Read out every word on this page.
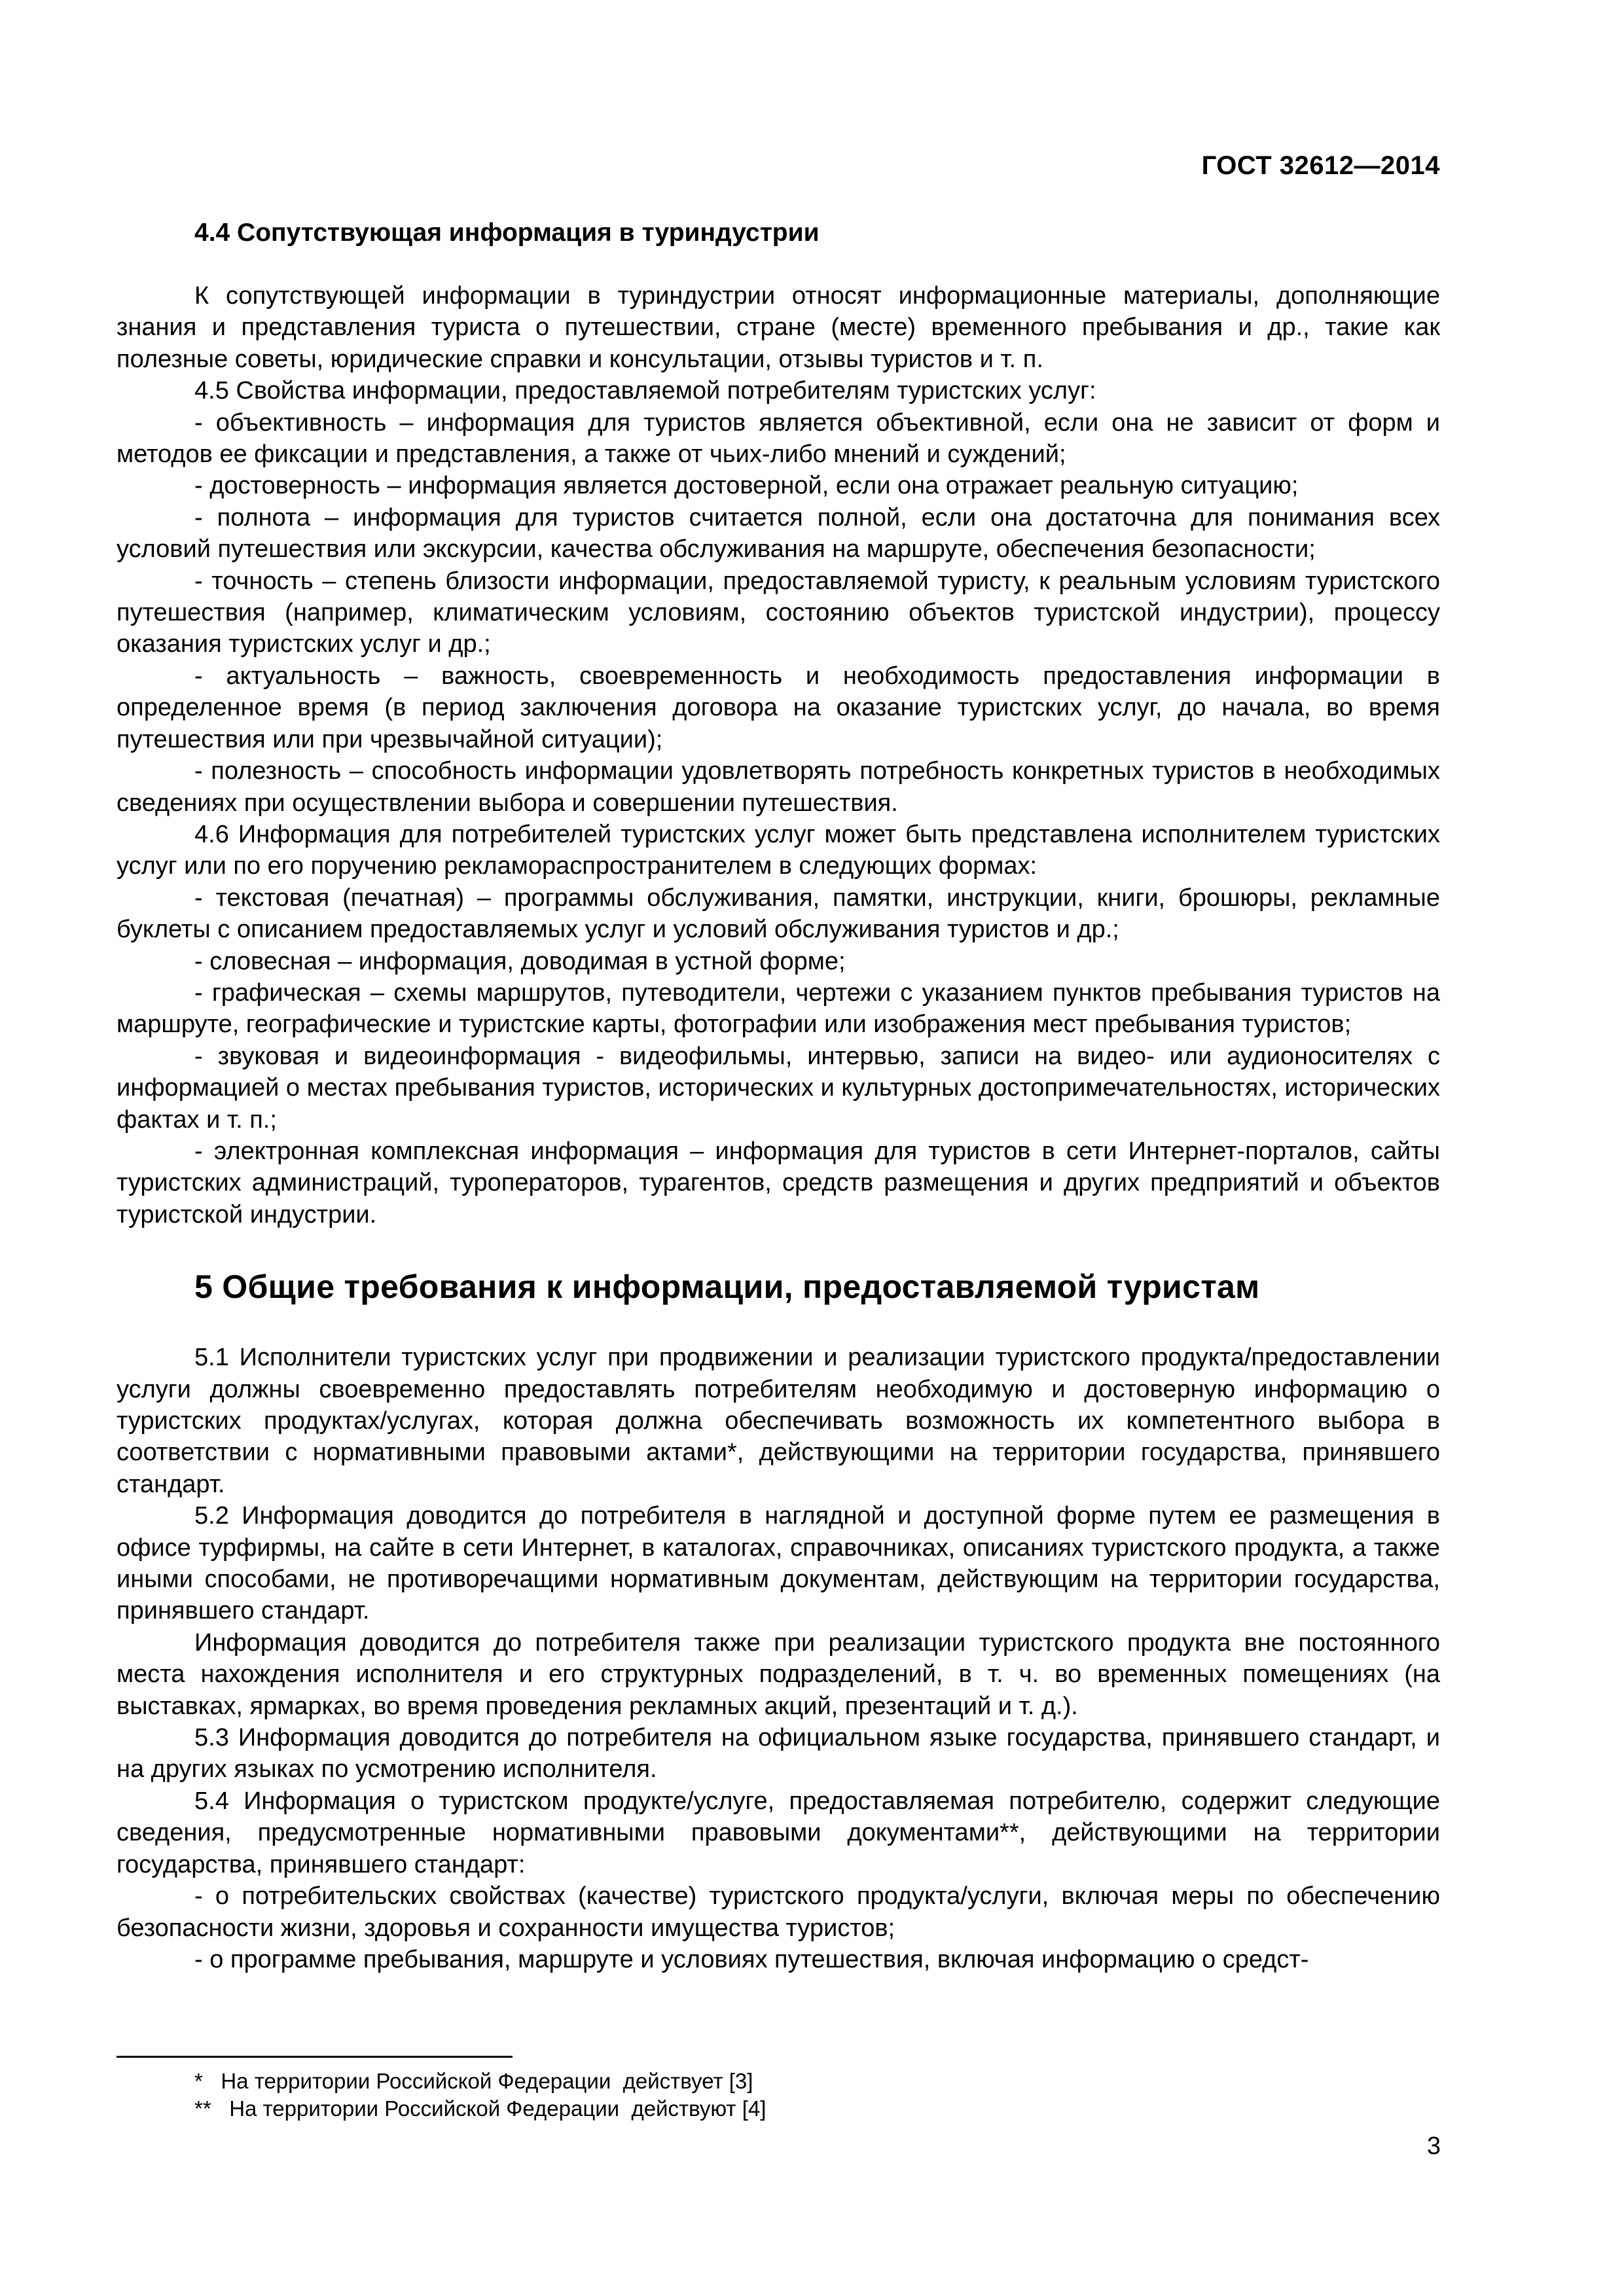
ГОСТ 32612—2014
4.4 Сопутствующая информация в туриндустрии

К сопутствующей информации в туриндустрии относят информационные материалы, дополняющие знания и представления туриста о путешествии, стране (месте) временного пребывания и др., такие как полезные советы, юридические справки и консультации, отзывы туристов и т. п.

4.5 Свойства информации, предоставляемой потребителям туристских услуг:

- объективность – информация для туристов является объективной, если она не зависит от форм и методов ее фиксации и представления, а также от чьих-либо мнений и суждений;

- достоверность – информация является достоверной, если она отражает реальную ситуацию;

- полнота – информация для туристов считается полной, если она достаточна для понимания всех условий путешествия или экскурсии, качества обслуживания на маршруте, обеспечения безопасности;

- точность – степень близости информации, предоставляемой туристу, к реальным условиям туристского путешествия (например, климатическим условиям, состоянию объектов туристской индустрии), процессу оказания туристских услуг и др.;

- актуальность – важность, своевременность и необходимость предоставления информации в определенное время (в период заключения договора на оказание туристских услуг, до начала, во время путешествия или при чрезвычайной ситуации);

- полезность – способность информации удовлетворять потребность конкретных туристов в необходимых сведениях при осуществлении выбора и совершении путешествия.

4.6 Информация для потребителей туристских услуг может быть представлена исполнителем туристских услуг или по его поручению рекламораспространителем в следующих формах:

- текстовая (печатная) – программы обслуживания, памятки, инструкции, книги, брошюры, рекламные буклеты с описанием предоставляемых услуг и условий обслуживания туристов и др.;

- словесная – информация, доводимая в устной форме;

- графическая – схемы маршрутов, путеводители, чертежи с указанием пунктов пребывания туристов на маршруте, географические и туристские карты, фотографии или изображения мест пребывания туристов;

- звуковая и видеоинформация - видеофильмы, интервью, записи на видео- или аудионосителях с информацией о местах пребывания туристов, исторических и культурных достопримечательностях, исторических фактах и т. п.;

- электронная комплексная информация – информация для туристов в сети Интернет-порталов, сайты туристских администраций, туроператоров, турагентов, средств размещения и других предприятий и объектов туристской индустрии.

5 Общие требования к информации, предоставляемой туристам

5.1 Исполнители туристских услуг при продвижении и реализации туристского продукта/предоставлении услуги должны своевременно предоставлять потребителям необходимую и достоверную информацию о туристских продуктах/услугах, которая должна обеспечивать возможность их компетентного выбора в соответствии с нормативными правовыми актами*, действующими на территории государства, принявшего стандарт.

5.2 Информация доводится до потребителя в наглядной и доступной форме путем ее размещения в офисе турфирмы, на сайте в сети Интернет, в каталогах, справочниках, описаниях туристского продукта, а также иными способами, не противоречащими нормативным документам, действующим на территории государства, принявшего стандарт.

Информация доводится до потребителя также при реализации туристского продукта вне постоянного места нахождения исполнителя и его структурных подразделений, в т. ч. во временных помещениях (на выставках, ярмарках, во время проведения рекламных акций, презентаций и т. д.).

5.3 Информация доводится до потребителя на официальном языке государства, принявшего стандарт, и на других языках по усмотрению исполнителя.

5.4 Информация о туристском продукте/услуге, предоставляемая потребителю, содержит следующие сведения, предусмотренные нормативными правовыми документами**, действующими на территории государства, принявшего стандарт:

- о потребительских свойствах (качестве) туристского продукта/услуги, включая меры по обеспечению безопасности жизни, здоровья и сохранности имущества туристов;

- о программе пребывания, маршруте и условиях путешествия, включая информацию о средст-

*   На территории Российской Федерации  действует [3]
**   На территории Российской Федерации  действуют [4]
3
